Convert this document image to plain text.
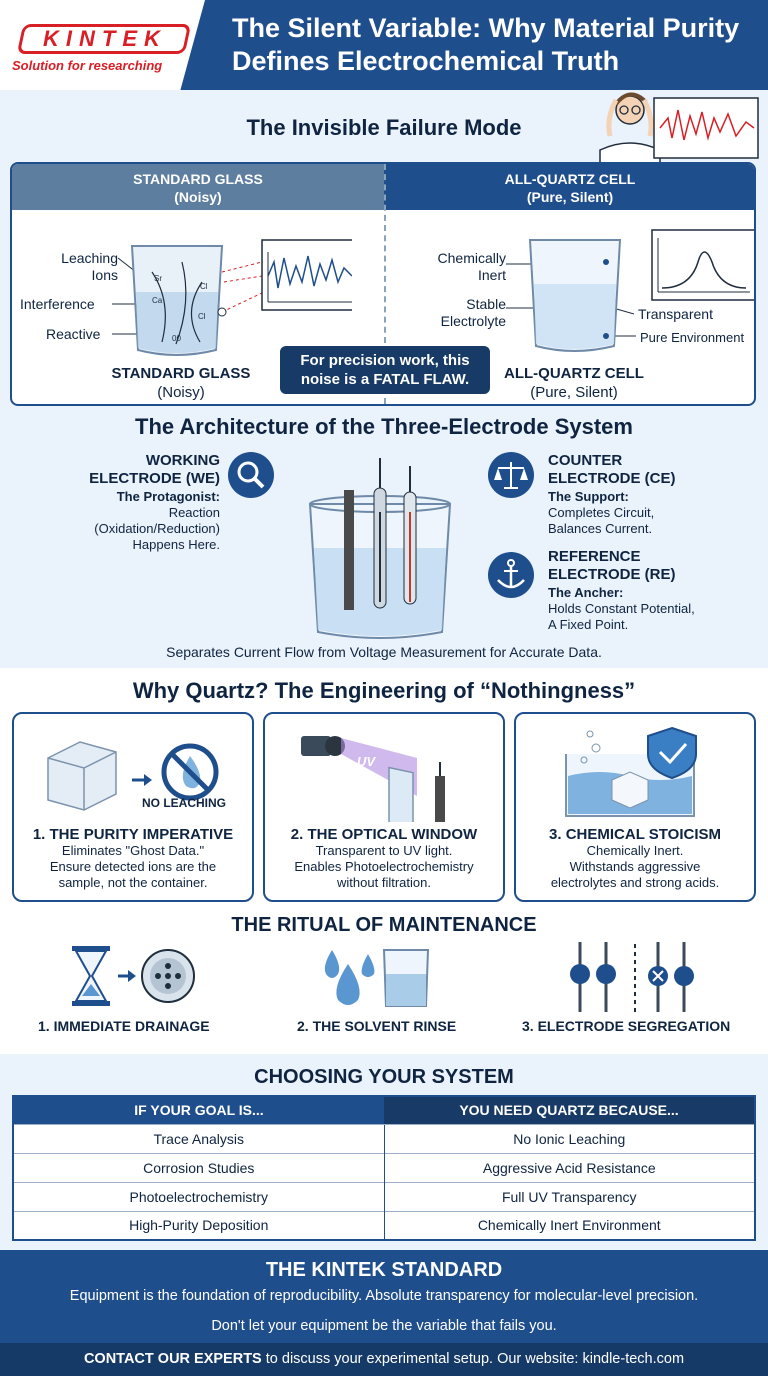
KINTEK
Solution for researching
The Silent Variable: Why Material Purity Defines Electrochemical Truth
The Invisible Failure Mode
STANDARD GLASS
(Noisy)
ALL-QUARTZ CELL
(Pure, Silent)
Leaching
Ions
Interference
Reactive
Sr
Cl
Ca
Cl
00
STANDARD GLASS
(Noisy)
Chemically
Inert
Stable
Electrolyte	Transparent
Pure Environment
ALL-QUARTZ CELL
(Pure, Silent)
For precision work, this
noise is a FATAL FLAW.
The Architecture of the Three-Electrode System
WORKING
ELECTRODE (WE)
The Protagonist:
Reaction
(Oxidation/Reduction)
Happens Here.
COUNTER
ELECTRODE (CE)
The Support:
Completes Circuit,
Balances Current.
REFERENCE
ELECTRODE (RE)
The Ancher:
Holds Constant Potential,
A Fixed Point.
Separates Current Flow from Voltage Measurement for Accurate Data.
Why Quartz? The Engineering of “Nothingness”
NO LEACHING
1. THE PURITY IMPERATIVE
Eliminates "Ghost Data."
Ensure detected ions are the
sample, not the container.
UV
2. THE OPTICAL WINDOW
Transparent to UV light.
Enables Photoelectrochemistry
without filtration.
3. CHEMICAL STOICISM
Chemically Inert.
Withstands aggressive
electrolytes and strong acids.
THE RITUAL OF MAINTENANCE
1. IMMEDIATE DRAINAGE	2. THE SOLVENT RINSE	3. ELECTRODE SEGREGATION
CHOOSING YOUR SYSTEM
IF YOUR GOAL IS...	YOU NEED QUARTZ BECAUSE...
Trace Analysis	No Ionic Leaching
Corrosion Studies	Aggressive Acid Resistance
Photoelectrochemistry	Full UV Transparency
High-Purity Deposition	Chemically Inert Environment
THE KINTEK STANDARD
Equipment is the foundation of reproducibility. Absolute transparency for molecular-level precision.
Don't let your equipment be the variable that fails you.
CONTACT OUR EXPERTS to discuss your experimental setup. Our website: kindle-tech.com
